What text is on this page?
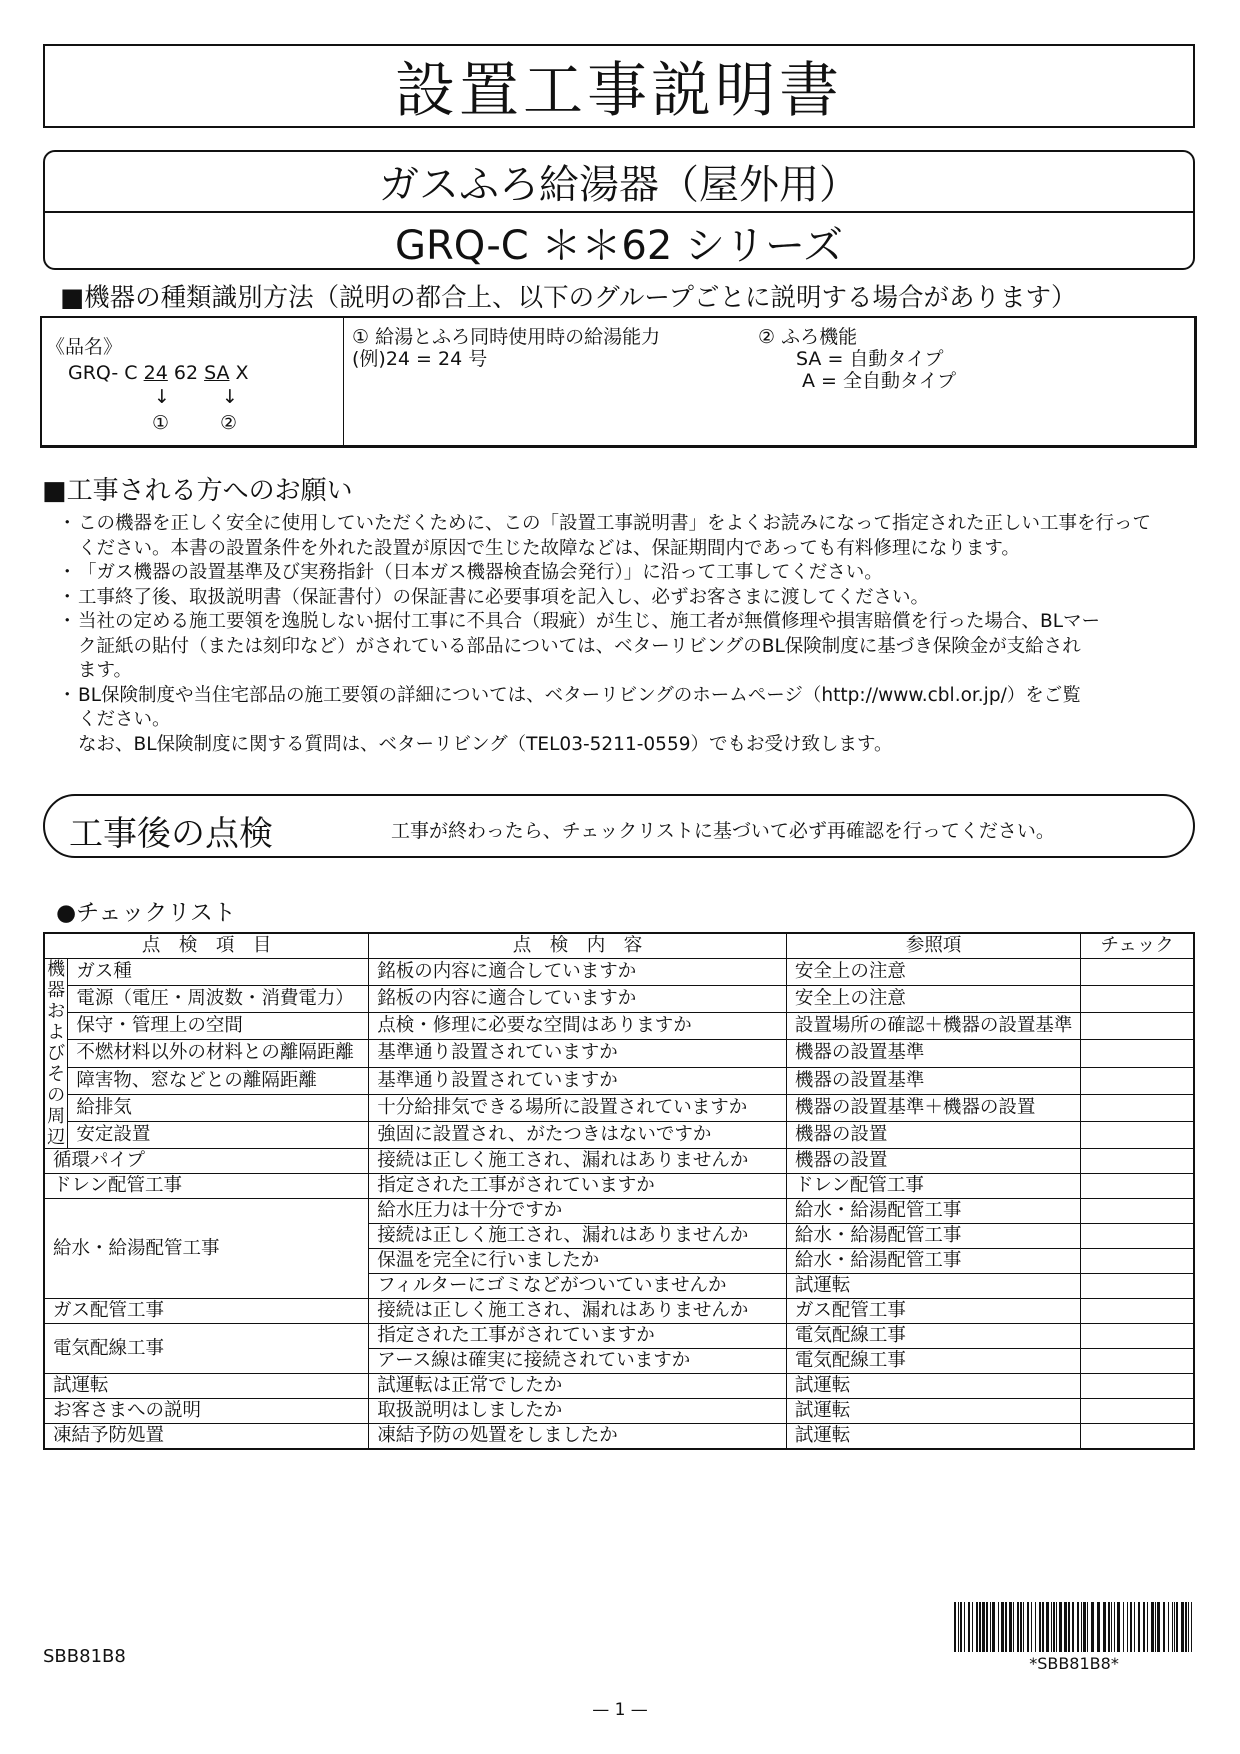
設置工事説明書
ガスふろ給湯器（屋外用）
GRQ-C ＊＊62 シリーズ
■機器の種類識別方法（説明の都合上、以下のグループごとに説明する場合があります）
《品名》
GRQ- C 24 62 SA X
↓	↓
①	②
① 給湯とふろ同時使用時の給湯能力
(例)24 = 24 号
② ふろ機能
SA = 自動タイプ
A = 全自動タイプ
■工事される方へのお願い
・ この機器を正しく安全に使用していただくために、この「設置工事説明書」をよくお読みになって指定された正しい工事を行って
ください。本書の設置条件を外れた設置が原因で生じた故障などは、保証期間内であっても有料修理になります。
・ 「ガス機器の設置基準及び実務指針（日本ガス機器検査協会発行）」に沿って工事してください。
・ 工事終了後、取扱説明書（保証書付）の保証書に必要事項を記入し、必ずお客さまに渡してください。
・ 当社の定める施工要領を逸脱しない据付工事に不具合（瑕疵）が生じ、施工者が無償修理や損害賠償を行った場合、BLマー
ク証紙の貼付（または刻印など）がされている部品については、ベターリビングのBL保険制度に基づき保険金が支給され
ます。
・ BL保険制度や当住宅部品の施工要領の詳細については、ベターリビングのホームページ（http://www.cbl.or.jp/）をご覧
ください。
なお、BL保険制度に関する質問は、ベターリビング（TEL03-5211-0559）でもお受け致します。
工事後の点検	工事が終わったら、チェックリストに基づいて必ず再確認を行ってください。
●チェックリスト
点　検　項　目		点　検　内　容	参照項	チェック
機器およびその周辺	ガス種	銘板の内容に適合していますか	安全上の注意	
	電源（電圧・周波数・消費電力）	銘板の内容に適合していますか	安全上の注意	
	保守・管理上の空間	点検・修理に必要な空間はありますか	設置場所の確認＋機器の設置基準	
	不燃材料以外の材料との離隔距離	基準通り設置されていますか	機器の設置基準	
	障害物、窓などとの離隔距離	基準通り設置されていますか	機器の設置基準	
	給排気	十分給排気できる場所に設置されていますか	機器の設置基準＋機器の設置	
	安定設置	強固に設置され、がたつきはないですか	機器の設置	
循環パイプ		接続は正しく施工され、漏れはありませんか	機器の設置	
ドレン配管工事		指定された工事がされていますか	ドレン配管工事	
給水・給湯配管工事		給水圧力は十分ですか	給水・給湯配管工事	
		接続は正しく施工され、漏れはありませんか	給水・給湯配管工事	
		保温を完全に行いましたか	給水・給湯配管工事	
		フィルターにゴミなどがついていませんか	試運転	
ガス配管工事		接続は正しく施工され、漏れはありませんか	ガス配管工事	
電気配線工事		指定された工事がされていますか	電気配線工事	
		アース線は確実に接続されていますか	電気配線工事	
試運転		試運転は正常でしたか	試運転	
お客さまへの説明		取扱説明はしましたか	試運転	
凍結予防処置		凍結予防の処置をしましたか	試運転	
SBB81B8	*SBB81B8*
— 1 —
